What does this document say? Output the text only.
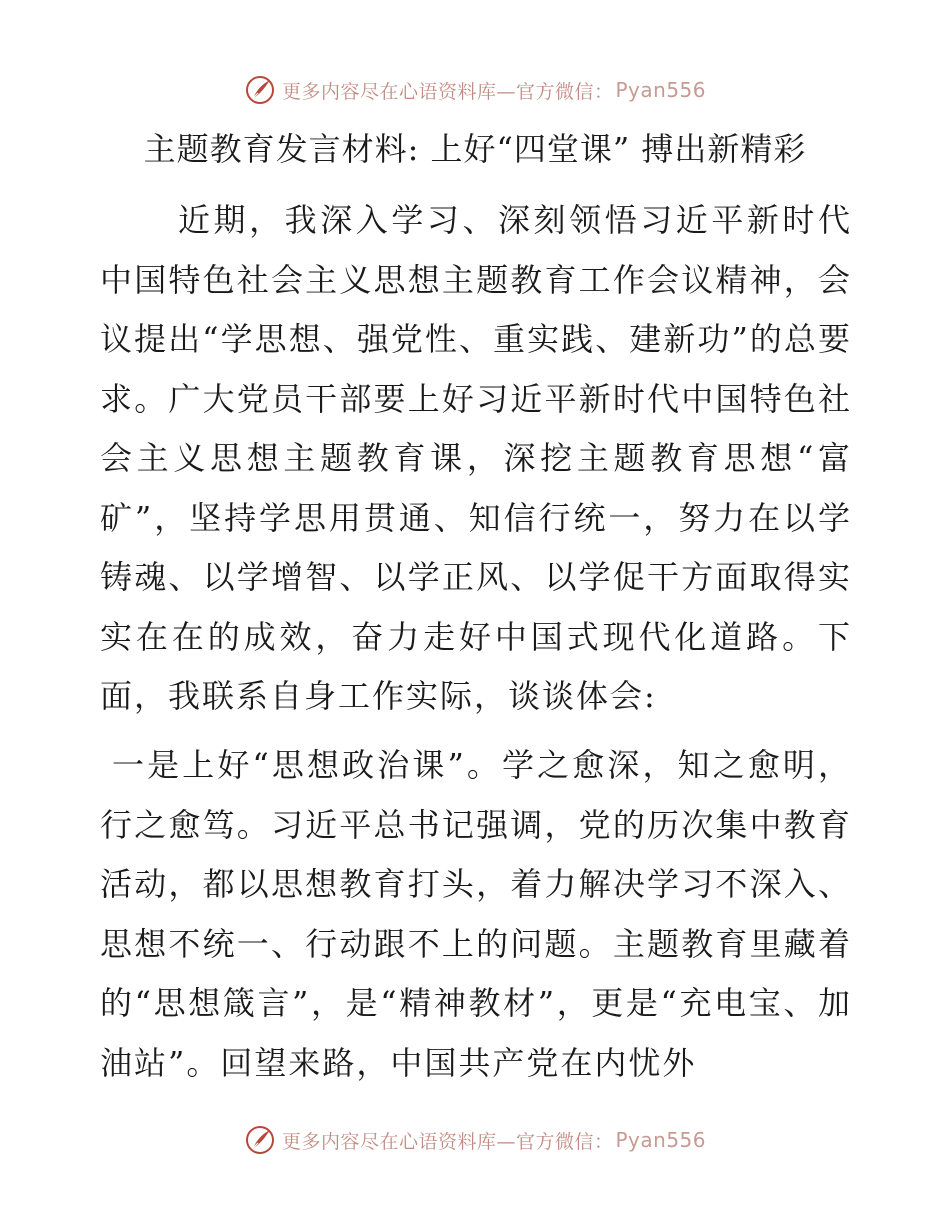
更多内容尽在心语资料库—官方微信： Pyan556
主题教育发言材料: 上好“四堂课” 搏出新精彩

近期，我深入学习、深刻领悟习近平新时代中国特色社会主义思想主题教育工作会议精神，会议提出“学思想、强党性、重实践、建新功”的总要求。广大党员干部要上好习近平新时代中国特色社会主义思想主题教育课，深挖主题教育思想“富矿”，坚持学思用贯通、知信行统一，努力在以学铸魂、以学增智、以学正风、以学促干方面取得实实在在的成效，奋力走好中国式现代化道路。下面，我联系自身工作实际，谈谈体会:

一是上好“思想政治课”。学之愈深，知之愈明，行之愈笃。习近平总书记强调，党的历次集中教育活动，都以思想教育打头，着力解决学习不深入、思想不统一、行动跟不上的问题。主题教育里藏着的“思想箴言”，是“精神教材”，更是“充电宝、加油站”。回望来路，中国共产党在内忧外

更多内容尽在心语资料库—官方微信： Pyan556
